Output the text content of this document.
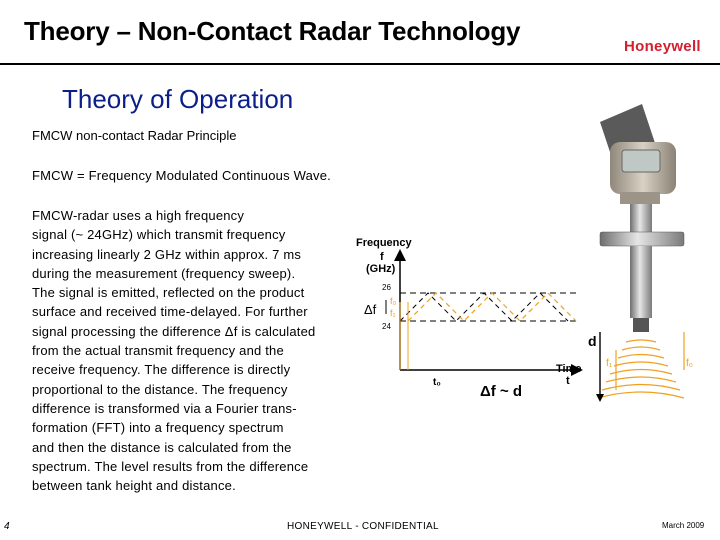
Theory – Non-Contact Radar Technology
Honeywell
Theory of Operation
FMCW non-contact Radar Principle
FMCW = Frequency Modulated Continuous Wave.
FMCW-radar uses a high frequency
signal (~ 24GHz) which transmit frequency
increasing linearly 2 GHz within approx. 7 ms
during the measurement (frequency sweep).
The signal is emitted, reflected on the product
surface and received time-delayed. For further
signal processing the difference Δf is calculated
from the actual transmit frequency and the
receive frequency. The difference is directly
proportional to the distance. The frequency
difference is transformed via a Fourier trans-
formation (FFT) into a frequency spectrum
and then the distance is calculated from the
spectrum. The level results from the difference
between tank height and distance.
Frequency
f
(GHz)
26
24
Δf
f₀
f₁
Time
t
t₀
Δf ~ d
d
f₁	f₀
4	HONEYWELL - CONFIDENTIAL	March 2009
